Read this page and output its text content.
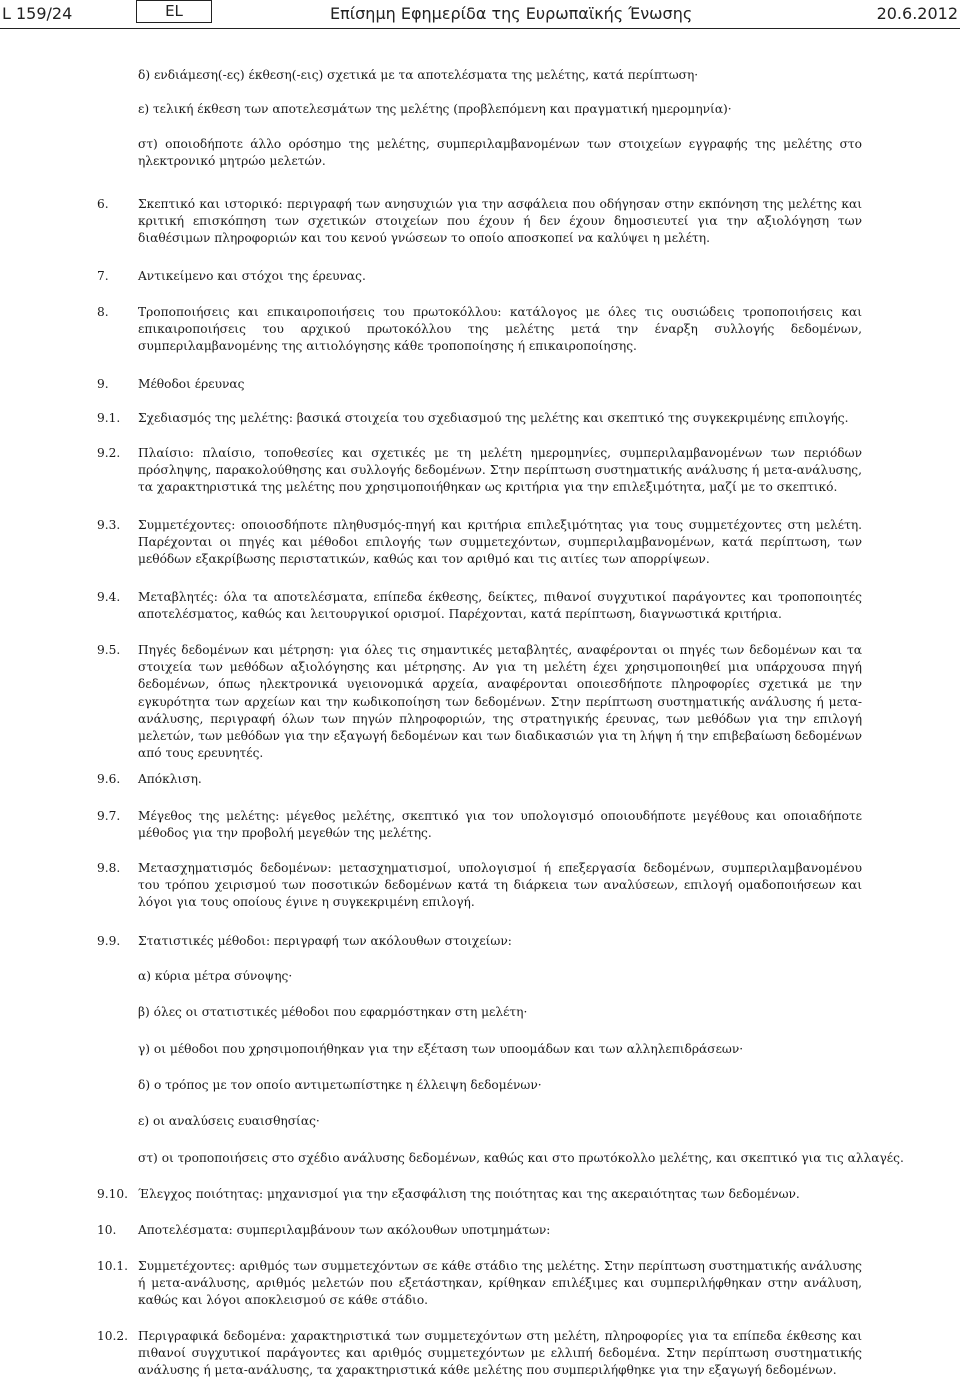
L 159/24	EL	Επίσημη Εφημερίδα της Ευρωπαϊκής Ένωσης	20.6.2012

δ) ενδιάμεση(-ες) έκθεση(-εις) σχετικά με τα αποτελέσματα της μελέτης, κατά περίπτωση·

ε) τελική έκθεση των αποτελεσμάτων της μελέτης (προβλεπόμενη και πραγματική ημερομηνία)·

στ) οποιοδήποτε άλλο ορόσημο της μελέτης, συμπεριλαμβανομένων των στοιχείων εγγραφής της μελέτης στο ηλεκτρονικό μητρώο μελετών.

6. Σκεπτικό και ιστορικό: περιγραφή των ανησυχιών για την ασφάλεια που οδήγησαν στην εκπόνηση της μελέτης και κριτική επισκόπηση των σχετικών στοιχείων που έχουν ή δεν έχουν δημοσιευτεί για την αξιολόγηση των διαθέσιμων πληροφοριών και του κενού γνώσεων το οποίο αποσκοπεί να καλύψει η μελέτη.

7. Αντικείμενο και στόχοι της έρευνας.

8. Τροποποιήσεις και επικαιροποιήσεις του πρωτοκόλλου: κατάλογος με όλες τις ουσιώδεις τροποποιήσεις και επικαιροποιήσεις του αρχικού πρωτοκόλλου της μελέτης μετά την έναρξη συλλογής δεδομένων, συμπεριλαμβανομένης της αιτιολόγησης κάθε τροποποίησης ή επικαιροποίησης.

9. Μέθοδοι έρευνας

9.1. Σχεδιασμός της μελέτης: βασικά στοιχεία του σχεδιασμού της μελέτης και σκεπτικό της συγκεκριμένης επιλογής.

9.2. Πλαίσιο: πλαίσιο, τοποθεσίες και σχετικές με τη μελέτη ημερομηνίες, συμπεριλαμβανομένων των περιόδων πρόσληψης, παρακολούθησης και συλλογής δεδομένων. Στην περίπτωση συστηματικής ανάλυσης ή μετα-ανάλυσης, τα χαρακτηριστικά της μελέτης που χρησιμοποιήθηκαν ως κριτήρια για την επιλεξιμότητα, μαζί με το σκεπτικό.

9.3. Συμμετέχοντες: οποιοσδήποτε πληθυσμός-πηγή και κριτήρια επιλεξιμότητας για τους συμμετέχοντες στη μελέτη. Παρέχονται οι πηγές και μέθοδοι επιλογής των συμμετεχόντων, συμπεριλαμβανομένων, κατά περίπτωση, των μεθόδων εξακρίβωσης περιστατικών, καθώς και τον αριθμό και τις αιτίες των απορρίψεων.

9.4. Μεταβλητές: όλα τα αποτελέσματα, επίπεδα έκθεσης, δείκτες, πιθανοί συγχυτικοί παράγοντες και τροποποιητές αποτελέσματος, καθώς και λειτουργικοί ορισμοί. Παρέχονται, κατά περίπτωση, διαγνωστικά κριτήρια.

9.5. Πηγές δεδομένων και μέτρηση: για όλες τις σημαντικές μεταβλητές, αναφέρονται οι πηγές των δεδομένων και τα στοιχεία των μεθόδων αξιολόγησης και μέτρησης. Αν για τη μελέτη έχει χρησιμοποιηθεί μια υπάρχουσα πηγή δεδομένων, όπως ηλεκτρονικά υγειονομικά αρχεία, αναφέρονται οποιεσδήποτε πληροφορίες σχετικά με την εγκυρότητα των αρχείων και την κωδικοποίηση των δεδομένων. Στην περίπτωση συστηματικής ανάλυσης ή μετα-ανάλυσης, περιγραφή όλων των πηγών πληροφοριών, της στρατηγικής έρευνας, των μεθόδων για την επιλογή μελετών, των μεθόδων για την εξαγωγή δεδομένων και των διαδικασιών για τη λήψη ή την επιβεβαίωση δεδομένων από τους ερευνητές.

9.6. Απόκλιση.

9.7. Μέγεθος της μελέτης: μέγεθος μελέτης, σκεπτικό για τον υπολογισμό οποιουδήποτε μεγέθους και οποιαδήποτε μέθοδος για την προβολή μεγεθών της μελέτης.

9.8. Μετασχηματισμός δεδομένων: μετασχηματισμοί, υπολογισμοί ή επεξεργασία δεδομένων, συμπεριλαμβανομένου του τρόπου χειρισμού των ποσοτικών δεδομένων κατά τη διάρκεια των αναλύσεων, επιλογή ομαδοποιήσεων και λόγοι για τους οποίους έγινε η συγκεκριμένη επιλογή.

9.9. Στατιστικές μέθοδοι: περιγραφή των ακόλουθων στοιχείων:

α) κύρια μέτρα σύνοψης·
β) όλες οι στατιστικές μέθοδοι που εφαρμόστηκαν στη μελέτη·
γ) οι μέθοδοι που χρησιμοποιήθηκαν για την εξέταση των υποομάδων και των αλληλεπιδράσεων·
δ) ο τρόπος με τον οποίο αντιμετωπίστηκε η έλλειψη δεδομένων·
ε) οι αναλύσεις ευαισθησίας·
στ) οι τροποποιήσεις στο σχέδιο ανάλυσης δεδομένων, καθώς και στο πρωτόκολλο μελέτης, και σκεπτικό για τις αλλαγές.
9.10. Έλεγχος ποιότητας: μηχανισμοί για την εξασφάλιση της ποιότητας και της ακεραιότητας των δεδομένων.

10. Αποτελέσματα: συμπεριλαμβάνουν των ακόλουθων υποτμημάτων:

10.1. Συμμετέχοντες: αριθμός των συμμετεχόντων σε κάθε στάδιο της μελέτης. Στην περίπτωση συστηματικής ανάλυσης ή μετα-ανάλυσης, αριθμός μελετών που εξετάστηκαν, κρίθηκαν επιλέξιμες και συμπεριλήφθηκαν στην ανάλυση, καθώς και λόγοι αποκλεισμού σε κάθε στάδιο.

10.2. Περιγραφικά δεδομένα: χαρακτηριστικά των συμμετεχόντων στη μελέτη, πληροφορίες για τα επίπεδα έκθεσης και πιθανοί συγχυτικοί παράγοντες και αριθμός συμμετεχόντων με ελλιπή δεδομένα. Στην περίπτωση συστηματικής ανάλυσης ή μετα-ανάλυσης, τα χαρακτηριστικά κάθε μελέτης που συμπεριλήφθηκε για την εξαγωγή δεδομένων.
